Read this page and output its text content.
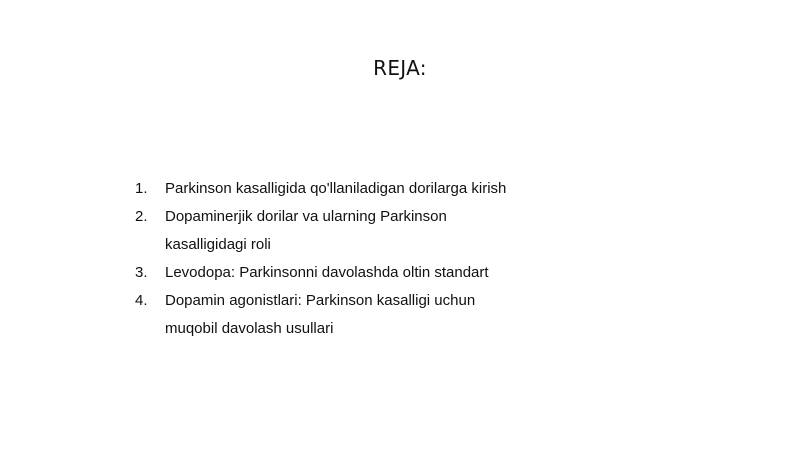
REJA:
1. Parkinson kasalligida qo'llaniladigan dorilarga kirish
2. Dopaminerjik dorilar va ularning Parkinson kasalligidagi roli
3. Levodopa: Parkinsonni davolashda oltin standart
4. Dopamin agonistlari: Parkinson kasalligi uchun muqobil davolash usullari
